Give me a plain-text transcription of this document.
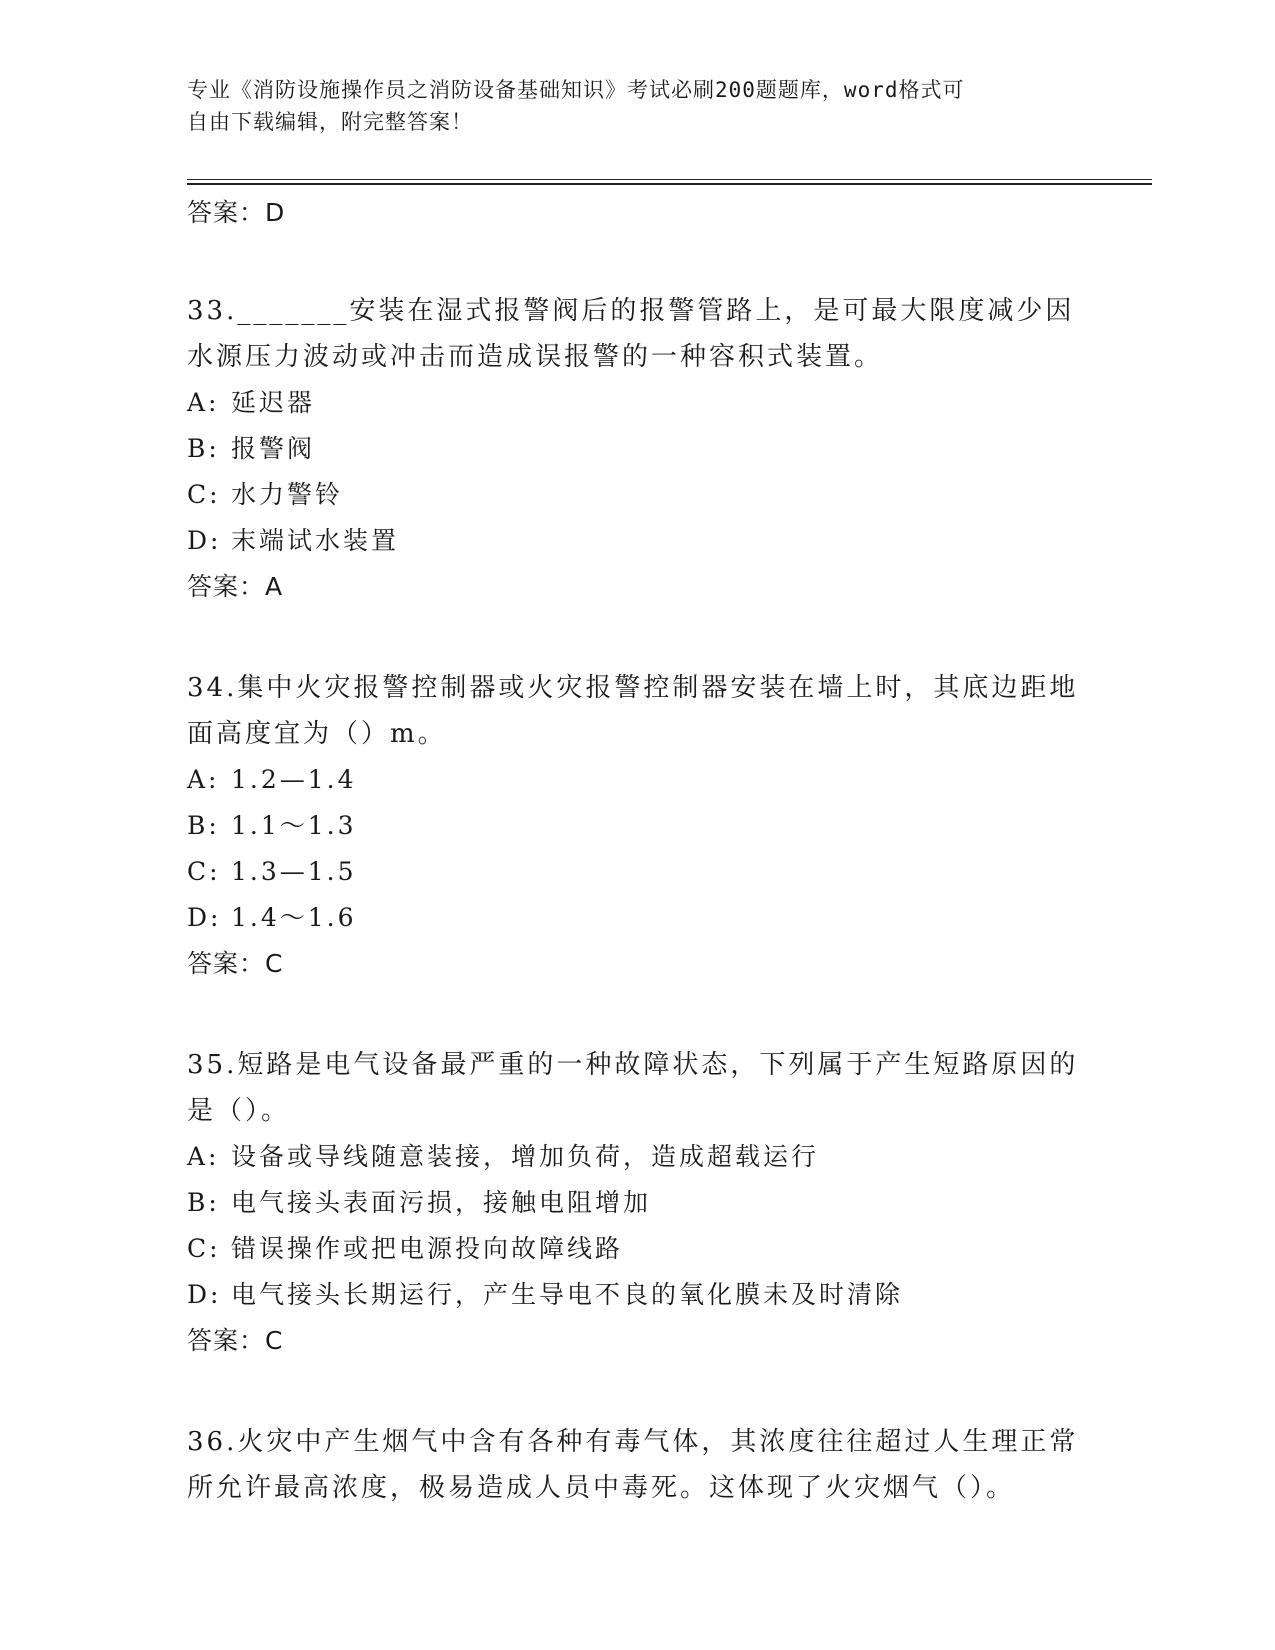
专业《消防设施操作员之消防设备基础知识》考试必刷200题题库，word格式可
自由下载编辑，附完整答案！
答案：D
33._______安装在湿式报警阀后的报警管路上，是可最大限度减少因
水源压力波动或冲击而造成误报警的一种容积式装置。
A: 延迟器
B: 报警阀
C: 水力警铃
D: 末端试水装置
答案：A
34.集中火灾报警控制器或火灾报警控制器安装在墙上时，其底边距地
面高度宜为（）m。
A: 1.2—1.4
B: 1.1～1.3
C: 1.3—1.5
D: 1.4～1.6
答案：C
35.短路是电气设备最严重的一种故障状态，下列属于产生短路原因的
是（）。
A: 设备或导线随意装接，增加负荷，造成超载运行
B: 电气接头表面污损，接触电阻增加
C: 错误操作或把电源投向故障线路
D: 电气接头长期运行，产生导电不良的氧化膜未及时清除
答案：C
36.火灾中产生烟气中含有各种有毒气体，其浓度往往超过人生理正常
所允许最高浓度，极易造成人员中毒死。这体现了火灾烟气（）。
